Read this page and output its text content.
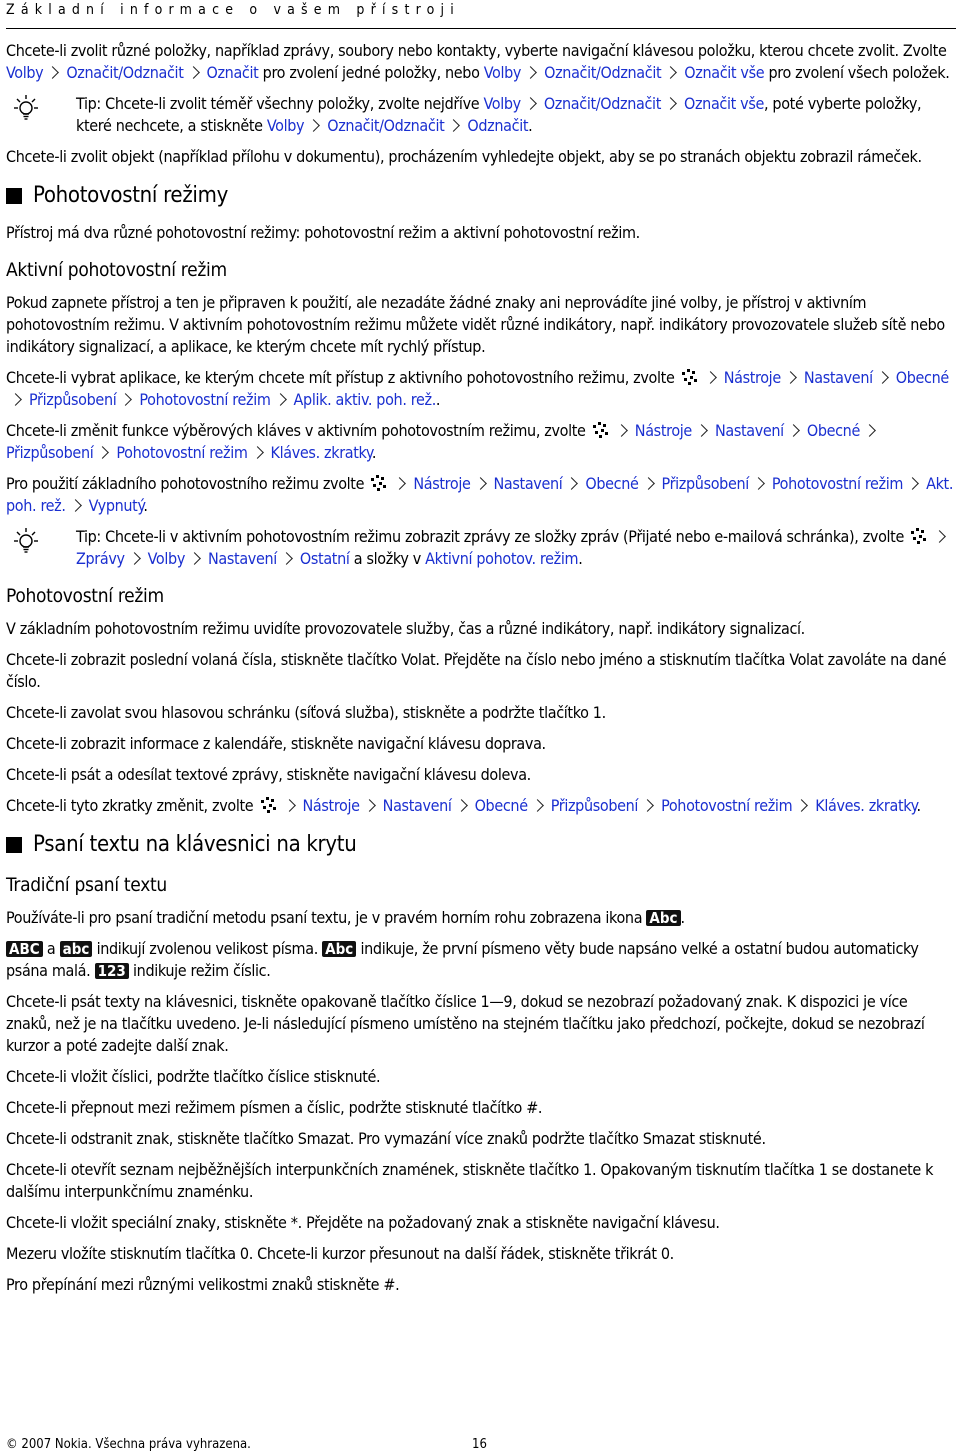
Základní informace o vašem přístroji

Chcete-li zvolit různé položky, například zprávy, soubory nebo kontakty, vyberte navigační klávesou položku, kterou chcete zvolit. Zvolte Volby Označit/Odznačit Označit pro zvolení jedné položky, nebo Volby Označit/Odznačit Označit vše pro zvolení všech položek.

Tip: Chcete-li zvolit téměř všechny položky, zvolte nejdříve Volby Označit/Odznačit Označit vše, poté vyberte položky, které nechcete, a stiskněte Volby Označit/Odznačit Odznačit.

Chcete-li zvolit objekt (například přílohu v dokumentu), procházením vyhledejte objekt, aby se po stranách objektu zobrazil rámeček.

Pohotovostní režimy

Přístroj má dva různé pohotovostní režimy: pohotovostní režim a aktivní pohotovostní režim.

Aktivní pohotovostní režim

Pokud zapnete přístroj a ten je připraven k použití, ale nezadáte žádné znaky ani neprovádíte jiné volby, je přístroj v aktivním pohotovostním režimu. V aktivním pohotovostním režimu můžete vidět různé indikátory, např. indikátory provozovatele služeb sítě nebo indikátory signalizací, a aplikace, ke kterým chcete mít rychlý přístup.

Chcete-li vybrat aplikace, ke kterým chcete mít přístup z aktivního pohotovostního režimu, zvolte	Nástroje Nastavení ObecnéPřizpůsobení Pohotovostní režim Aplik. aktiv. poh. rež..

Chcete-li změnit funkce výběrových kláves v aktivním pohotovostním režimu, zvolte	Nástroje Nastavení ObecnéPřizpůsobení Pohotovostní režim Kláves. zkratky.

Pro použití základního pohotovostního režimu zvolte	Nástroje Nastavení Obecné Přizpůsobení Pohotovostní režim Akt. poh. rež. Vypnutý.

Tip: Chcete-li v aktivním pohotovostním režimu zobrazit zprávy ze složky zpráv (Přijaté nebo e-mailová schránka), zvolte Zprávy Volby Nastavení Ostatní a složky v Aktivní pohotov. režim.

Pohotovostní režim

V základním pohotovostním režimu uvidíte provozovatele služby, čas a různé indikátory, např. indikátory signalizací.

Chcete-li zobrazit poslední volaná čísla, stiskněte tlačítko Volat. Přejděte na číslo nebo jméno a stisknutím tlačítka Volat zavoláte na dané číslo.

Chcete-li zavolat svou hlasovou schránku (síťová služba), stiskněte a podržte tlačítko 1.

Chcete-li zobrazit informace z kalendáře, stiskněte navigační klávesu doprava.

Chcete-li psát a odesílat textové zprávy, stiskněte navigační klávesu doleva.

Chcete-li tyto zkratky změnit, zvolte	Nástroje Nastavení Obecné Přizpůsobení Pohotovostní režim Kláves. zkratky.

Psaní textu na klávesnici na krytu
Tradiční psaní textu

Používáte-li pro psaní tradiční metodu psaní textu, je v pravém horním rohu zobrazena ikona Abc .

ABC a abc indikují zvolenou velikost písma. Abc indikuje, že první písmeno věty bude napsáno velké a ostatní budou automaticky psána malá. 123 indikuje režim číslic.

Chcete-li psát texty na klávesnici, tiskněte opakovaně tlačítko číslice 1—9, dokud se nezobrazí požadovaný znak. K dispozici je více znaků, než je na tlačítku uvedeno. Je-li následující písmeno umístěno na stejném tlačítku jako předchozí, počkejte, dokud se nezobrazí kurzor a poté zadejte další znak.

Chcete-li vložit číslici, podržte tlačítko číslice stisknuté.

Chcete-li přepnout mezi režimem písmen a číslic, podržte stisknuté tlačítko #.

Chcete-li odstranit znak, stiskněte tlačítko Smazat. Pro vymazání více znaků podržte tlačítko Smazat stisknuté.

Chcete-li otevřít seznam nejběžnějších interpunkčních znamének, stiskněte tlačítko 1. Opakovaným tisknutím tlačítka 1 se dostanete k dalšímu interpunkčnímu znaménku.

Chcete-li vložit speciální znaky, stiskněte *. Přejděte na požadovaný znak a stiskněte navigační klávesu.

Mezeru vložíte stisknutím tlačítka 0. Chcete-li kurzor přesunout na další řádek, stiskněte třikrát 0.

Pro přepínání mezi různými velikostmi znaků stiskněte #.

© 2007 Nokia. Všechna práva vyhrazena.	16
